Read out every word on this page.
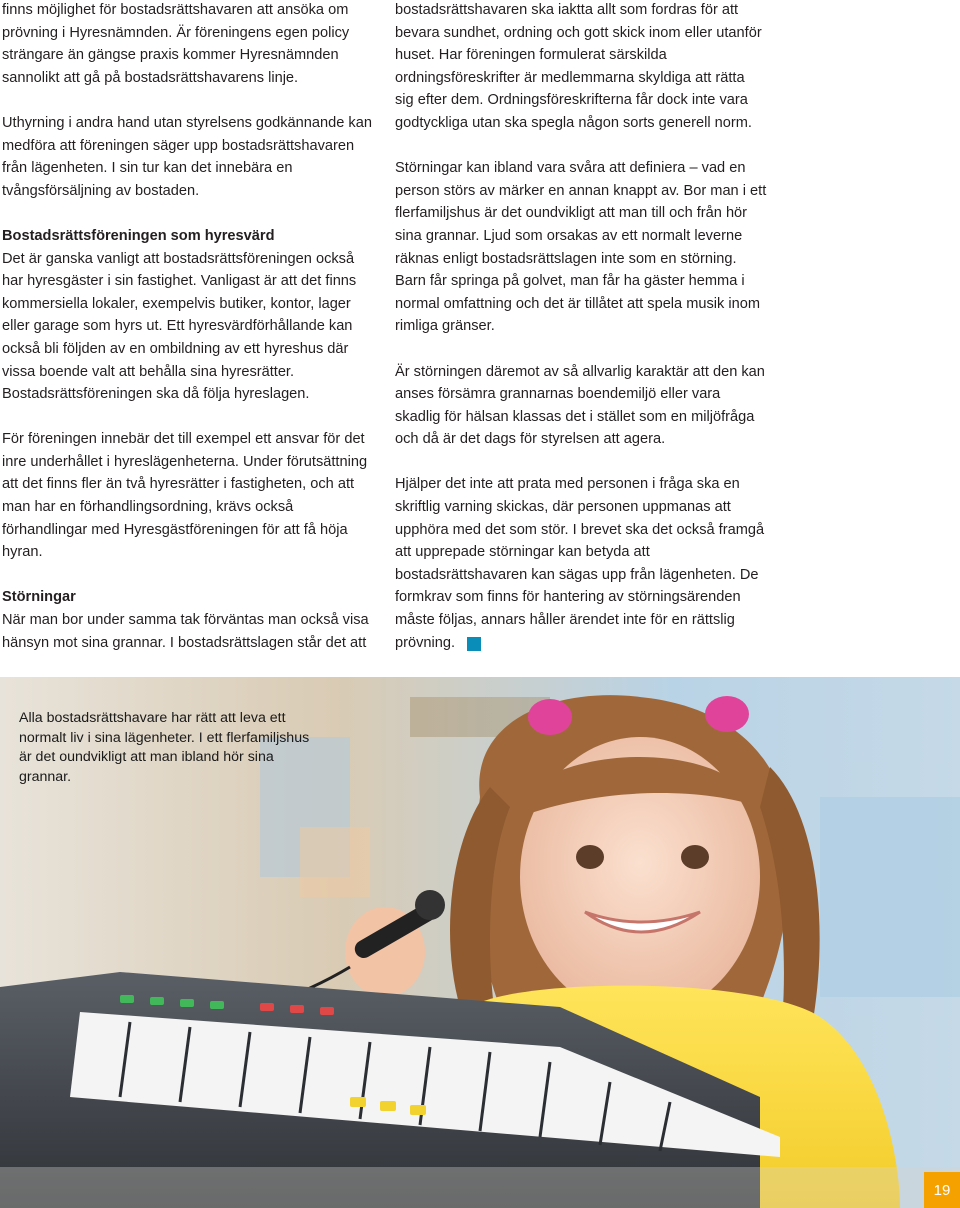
finns möjlighet för bostadsrättshavaren att ansöka om prövning i Hyresnämnden. Är föreningens egen policy strängare än gängse praxis kommer Hyresnämnden sannolikt att gå på bostadsrättshavarens linje.

Uthyrning i andra hand utan styrelsens godkännande kan medföra att föreningen säger upp bostadsrättshavaren från lägenheten. I sin tur kan det innebära en tvångsförsäljning av bostaden.

Bostadsrättsföreningen som hyresvärd

Det är ganska vanligt att bostadsrättsföreningen också har hyresgäster i sin fastighet. Vanligast är att det finns kommersiella lokaler, exempelvis butiker, kontor, lager eller garage som hyrs ut. Ett hyresvärdförhållande kan också bli följden av en ombildning av ett hyreshus där vissa boende valt att behålla sina hyresrätter. Bostadsrättsföreningen ska då följa hyreslagen.

För föreningen innebär det till exempel ett ansvar för det inre underhållet i hyreslägenheterna. Under förutsättning att det finns fler än två hyresrätter i fastigheten, och att man har en förhandlingsordning, krävs också förhandlingar med Hyresgästföreningen för att få höja hyran.

Störningar

När man bor under samma tak förväntas man också visa hänsyn mot sina grannar. I bostadsrättslagen står det att

bostadsrättshavaren ska iaktta allt som fordras för att bevara sundhet, ordning och gott skick inom eller utanför huset. Har föreningen formulerat särskilda ordningsföreskrifter är medlemmarna skyldiga att rätta sig efter dem. Ordningsföreskrifterna får dock inte vara godtyckliga utan ska spegla någon sorts generell norm.

Störningar kan ibland vara svåra att definiera – vad en person störs av märker en annan knappt av. Bor man i ett flerfamiljshus är det oundvikligt att man till och från hör sina grannar. Ljud som orsakas av ett normalt leverne räknas enligt bostadsrättslagen inte som en störning. Barn får springa på golvet, man får ha gäster hemma i normal omfattning och det är tillåtet att spela musik inom rimliga gränser.

Är störningen däremot av så allvarlig karaktär att den kan anses försämra grannarnas boendemiljö eller vara skadlig för hälsan klassas det i stället som en miljöfråga och då är det dags för styrelsen att agera.

Hjälper det inte att prata med personen i fråga ska en skriftlig varning skickas, där personen uppmanas att upphöra med det som stör. I brevet ska det också framgå att upprepade störningar kan betyda att bostadsrättshavaren kan sägas upp från lägenheten. De formkrav som finns för hantering av störningsärenden måste följas, annars håller ärendet inte för en rättslig prövning.

Alla bostadsrättshavare har rätt att leva ett normalt liv i sina lägenheter. I ett flerfamiljshus är det oundvikligt att man ibland hör sina grannar.
19
